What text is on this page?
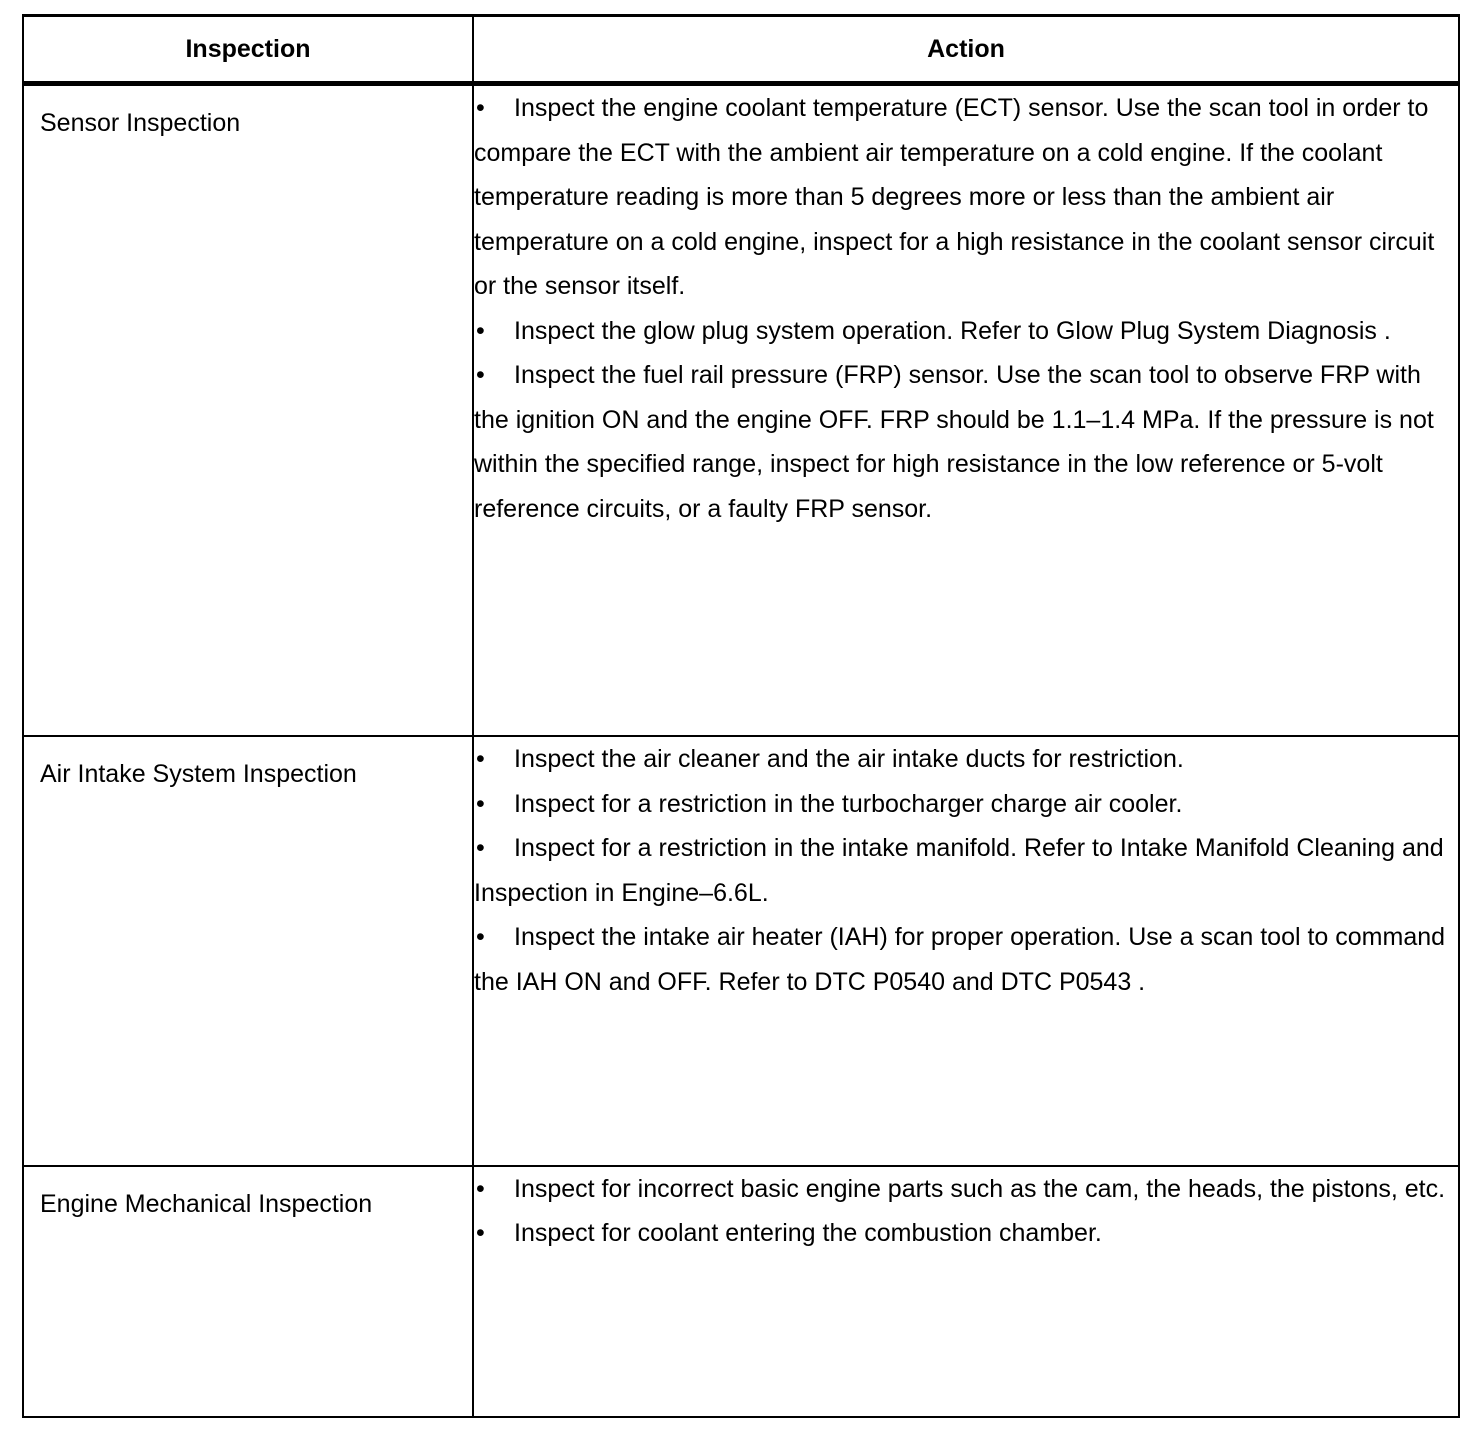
Inspection	Action

Sensor Inspection	• Inspect the engine coolant temperature (ECT) sensor. Use the scan tool in order to compare the ECT with the ambient air temperature on a cold engine. If the coolant temperature reading is more than 5 degrees more or less than the ambient air temperature on a cold engine, inspect for a high resistance in the coolant sensor circuit or the sensor itself.
• Inspect the glow plug system operation. Refer to Glow Plug System Diagnosis .
• Inspect the fuel rail pressure (FRP) sensor. Use the scan tool to observe FRP with the ignition ON and the engine OFF. FRP should be 1.1–1.4 MPa. If the pressure is not within the specified range, inspect for high resistance in the low reference or 5-volt reference circuits, or a faulty FRP sensor.

Air Intake System Inspection	• Inspect the air cleaner and the air intake ducts for restriction.
• Inspect for a restriction in the turbocharger charge air cooler.
• Inspect for a restriction in the intake manifold. Refer to Intake Manifold Cleaning and Inspection in Engine–6.6L.
• Inspect the intake air heater (IAH) for proper operation. Use a scan tool to command the IAH ON and OFF. Refer to DTC P0540 and DTC P0543 .

Engine Mechanical Inspection	• Inspect for incorrect basic engine parts such as the cam, the heads, the pistons, etc.
• Inspect for coolant entering the combustion chamber.
